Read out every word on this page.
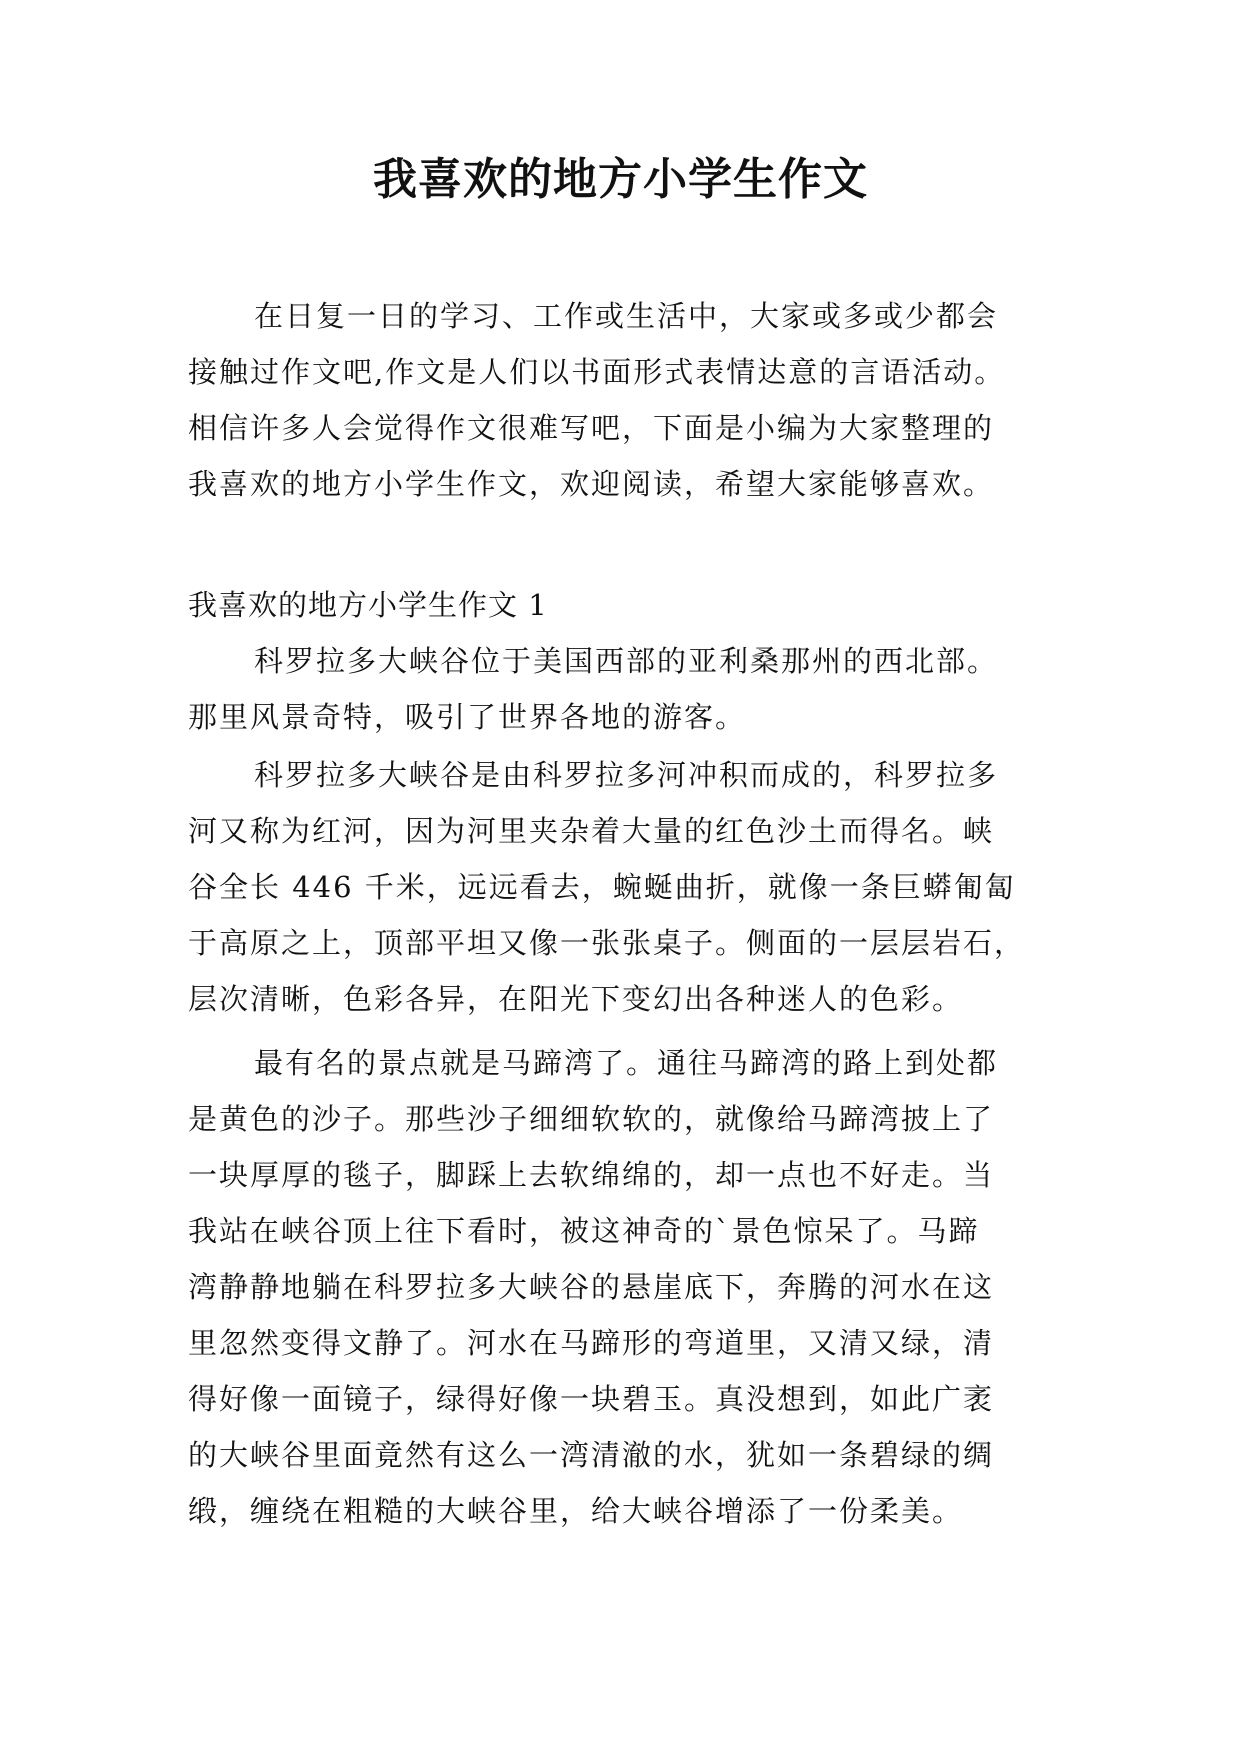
我喜欢的地方小学生作文
在日复一日的学习、工作或生活中，大家或多或少都会
接触过作文吧,作文是人们以书面形式表情达意的言语活动。
相信许多人会觉得作文很难写吧，下面是小编为大家整理的
我喜欢的地方小学生作文，欢迎阅读，希望大家能够喜欢。
我喜欢的地方小学生作文 1
科罗拉多大峡谷位于美国西部的亚利桑那州的西北部。
那里风景奇特，吸引了世界各地的游客。
科罗拉多大峡谷是由科罗拉多河冲积而成的，科罗拉多
河又称为红河，因为河里夹杂着大量的红色沙土而得名。峡
谷全长 446 千米，远远看去，蜿蜒曲折，就像一条巨蟒匍匐
于高原之上，顶部平坦又像一张张桌子。侧面的一层层岩石，
层次清晰，色彩各异，在阳光下变幻出各种迷人的色彩。
最有名的景点就是马蹄湾了。通往马蹄湾的路上到处都
是黄色的沙子。那些沙子细细软软的，就像给马蹄湾披上了
一块厚厚的毯子，脚踩上去软绵绵的，却一点也不好走。当
我站在峡谷顶上往下看时，被这神奇的`景色惊呆了。马蹄
湾静静地躺在科罗拉多大峡谷的悬崖底下，奔腾的河水在这
里忽然变得文静了。河水在马蹄形的弯道里，又清又绿，清
得好像一面镜子，绿得好像一块碧玉。真没想到，如此广袤
的大峡谷里面竟然有这么一湾清澈的水，犹如一条碧绿的绸
缎，缠绕在粗糙的大峡谷里，给大峡谷增添了一份柔美。
